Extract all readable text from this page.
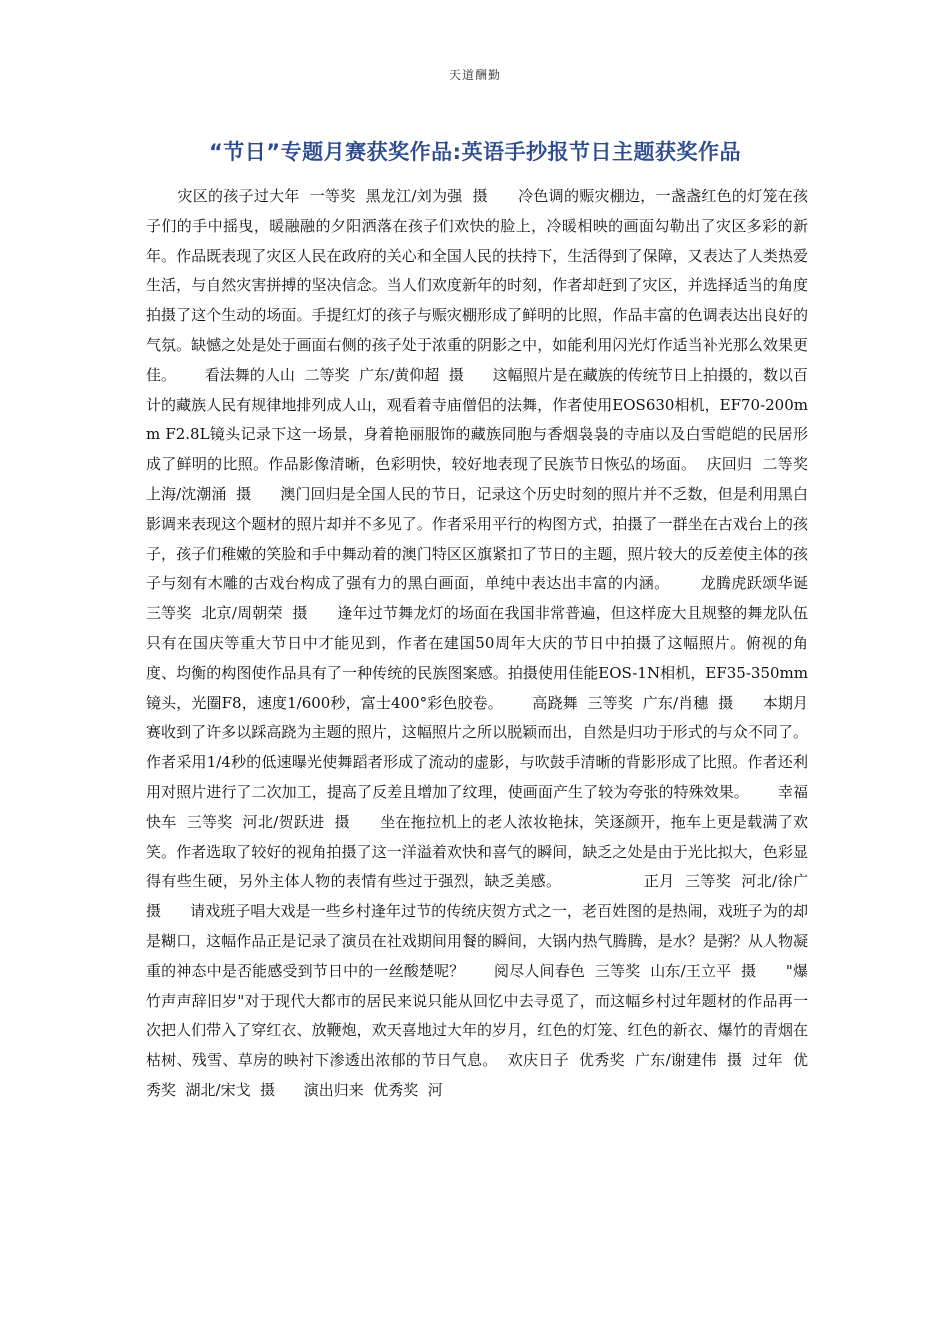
天道酬勤
“节日”专题月赛获奖作品:英语手抄报节日主题获奖作品
灾区的孩子过大年  一等奖  黑龙江/刘为强  摄      冷色调的赈灾棚边，一盏盏红色的灯笼在孩子们的手中摇曳，暖融融的夕阳洒落在孩子们欢快的脸上，冷暖相映的画面勾勒出了灾区多彩的新年。作品既表现了灾区人民在政府的关心和全国人民的扶持下，生活得到了保障，又表达了人类热爱生活，与自然灾害拼搏的坚决信念。当人们欢度新年的时刻，作者却赶到了灾区，并选择适当的角度拍摄了这个生动的场面。手提红灯的孩子与赈灾棚形成了鲜明的比照，作品丰富的色调表达出良好的气氛。缺憾之处是处于画面右侧的孩子处于浓重的阴影之中，如能利用闪光灯作适当补光那么效果更佳。      看法舞的人山  二等奖  广东/黄仰超  摄      这幅照片是在藏族的传统节日上拍摄的，数以百计的藏族人民有规律地排列成人山，观看着寺庙僧侣的法舞，作者使用EOS630相机，EF70-200mm F2.8L镜头记录下这一场景，身着艳丽服饰的藏族同胞与香烟袅袅的寺庙以及白雪皑皑的民居形成了鲜明的比照。作品影像清晰，色彩明快，较好地表现了民族节日恢弘的场面。  庆回归  二等奖  上海/沈潮涌  摄      澳门回归是全国人民的节日，记录这个历史时刻的照片并不乏数，但是利用黑白影调来表现这个题材的照片却并不多见了。作者采用平行的构图方式，拍摄了一群坐在古戏台上的孩子，孩子们稚嫩的笑脸和手中舞动着的澳门特区区旗紧扣了节日的主题，照片较大的反差使主体的孩子与刻有木雕的古戏台构成了强有力的黑白画面，单纯中表达出丰富的内涵。      龙腾虎跃颂华诞  三等奖  北京/周朝荣  摄      逢年过节舞龙灯的场面在我国非常普遍，但这样庞大且规整的舞龙队伍只有在国庆等重大节日中才能见到，作者在建国50周年大庆的节日中拍摄了这幅照片。俯视的角度、均衡的构图使作品具有了一种传统的民族图案感。拍摄使用佳能EOS-1N相机，EF35-350mm镜头，光圈F8，速度1/600秒，富士400°彩色胶卷。      高跷舞  三等奖  广东/肖穗  摄      本期月赛收到了许多以踩高跷为主题的照片，这幅照片之所以脱颖而出，自然是归功于形式的与众不同了。作者采用1/4秒的低速曝光使舞蹈者形成了流动的虚影，与吹鼓手清晰的背影形成了比照。作者还利用对照片进行了二次加工，提高了反差且增加了纹理，使画面产生了较为夸张的特殊效果。      幸福快车  三等奖  河北/贺跃进  摄      坐在拖拉机上的老人浓妆艳抹，笑逐颜开，拖车上更是载满了欢笑。作者选取了较好的视角拍摄了这一洋溢着欢快和喜气的瞬间，缺乏之处是由于光比拟大，色彩显得有些生硬，另外主体人物的表情有些过于强烈，缺乏美感。                正月  三等奖  河北/徐广  摄      请戏班子唱大戏是一些乡村逢年过节的传统庆贺方式之一，老百姓图的是热闹，戏班子为的却是糊口，这幅作品正是记录了演员在社戏期间用餐的瞬间，大锅内热气腾腾，是水？是粥？从人物凝重的神态中是否能感受到节日中的一丝酸楚呢？      阅尽人间春色  三等奖  山东/王立平  摄      "爆竹声声辞旧岁"对于现代大都市的居民来说只能从回忆中去寻觅了，而这幅乡村过年题材的作品再一次把人们带入了穿红衣、放鞭炮，欢天喜地过大年的岁月，红色的灯笼、红色的新衣、爆竹的青烟在枯树、残雪、草房的映衬下渗透出浓郁的节日气息。  欢庆日子  优秀奖  广东/谢建伟  摄  过年  优秀奖  湖北/宋戈  摄      演出归来  优秀奖  河
